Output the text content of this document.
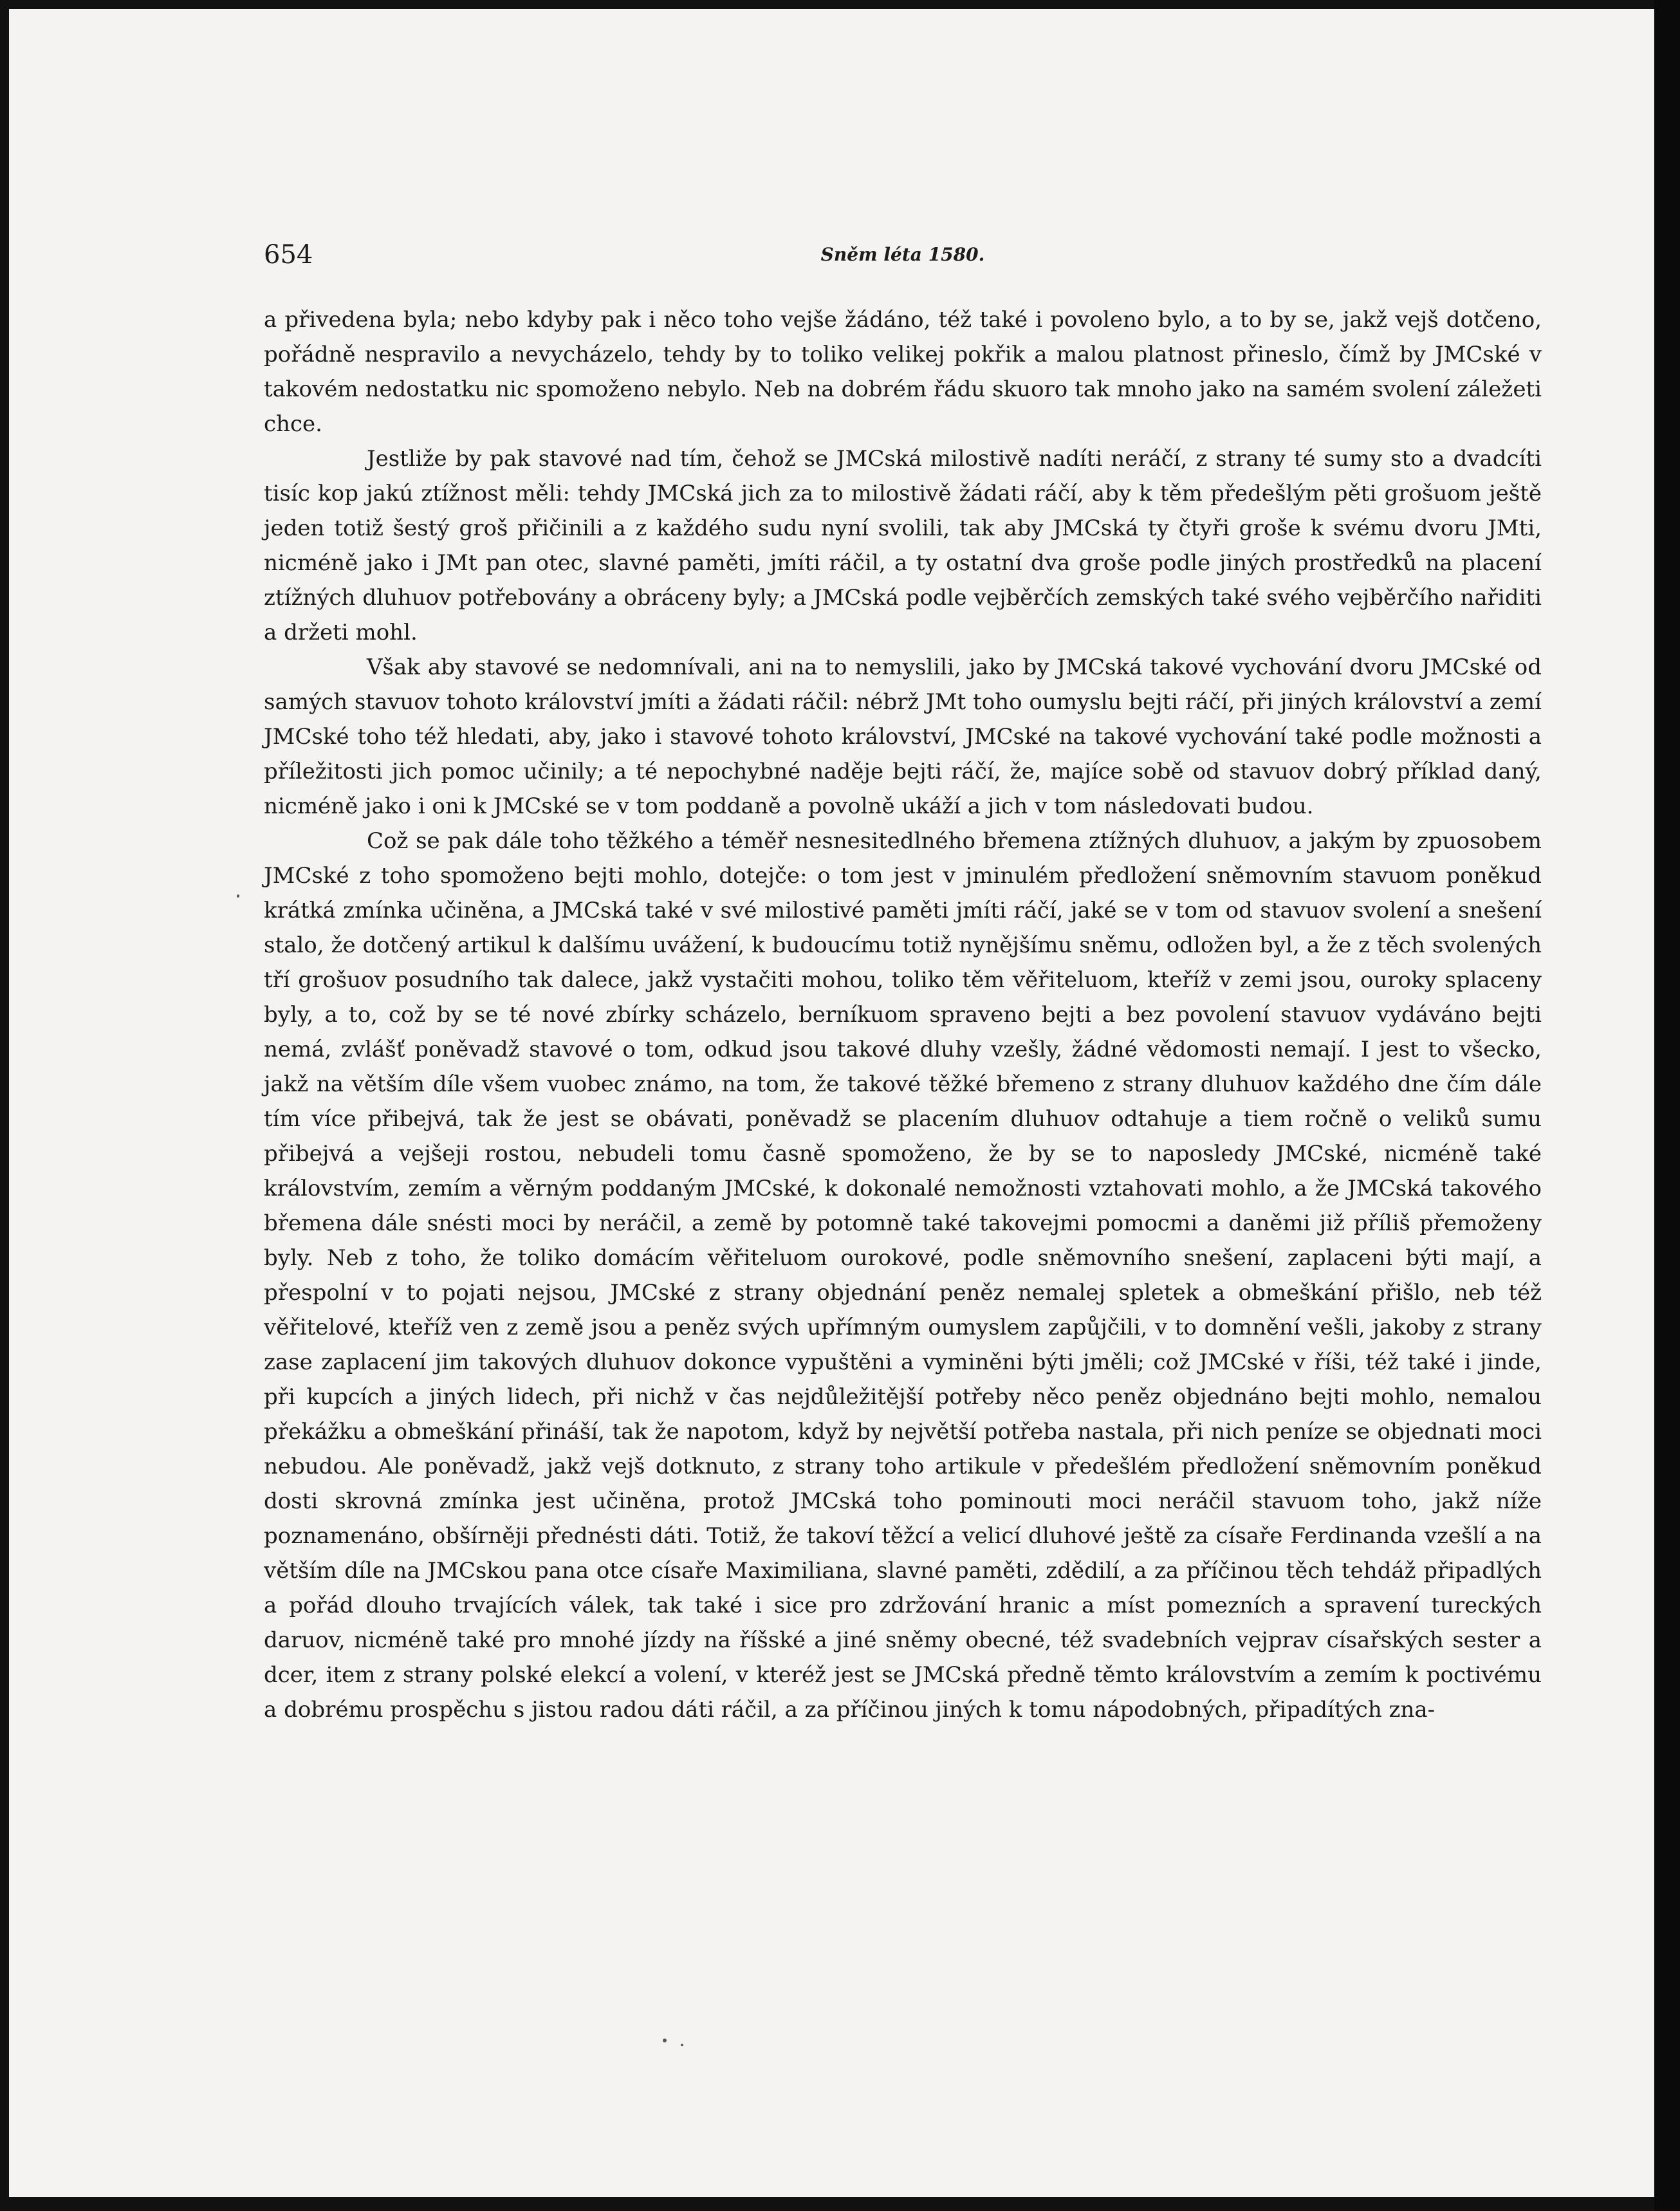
654	Sněm léta 1580.

a přivedena byla; nebo kdyby pak i něco toho vejše žádáno, též také i povoleno bylo, a to by se, jakž vejš dotčeno, pořádně nespravilo a nevycházelo, tehdy by to toliko velikej pokřik a malou platnost přineslo, čímž by JMCské v takovém nedostatku nic spomoženo nebylo. Neb na dobrém řádu skuoro tak mnoho jako na samém svolení záležeti chce.

Jestliže by pak stavové nad tím, čehož se JMCská milostivě nadíti neráčí, z strany té sumy sto a dvadcíti tisíc kop jakú ztížnost měli: tehdy JMCská jich za to milostivě žádati ráčí, aby k těm předešlým pěti grošuom ještě jeden totiž šestý groš přičinili a z každého sudu nyní svolili, tak aby JMCská ty čtyři groše k svému dvoru JMti, nicméně jako i JMt pan otec, slavné paměti, jmíti ráčil, a ty ostatní dva groše podle jiných prostředků na placení ztížných dluhuov potřebovány a obráceny byly; a JMCská podle vejběrčích zemských také svého vejběrčího nařiditi a držeti mohl.

Však aby stavové se nedomnívali, ani na to nemyslili, jako by JMCská takové vychování dvoru JMCské od samých stavuov tohoto království jmíti a žádati ráčil: nébrž JMt toho oumyslu bejti ráčí, při jiných království a zemí JMCské toho též hledati, aby, jako i stavové tohoto království, JMCské na takové vychování také podle možnosti a příležitosti jich pomoc učinily; a té nepochybné naděje bejti ráčí, že, majíce sobě od stavuov dobrý příklad daný, nicméně jako i oni k JMCské se v tom poddaně a povolně ukáží a jich v tom následovati budou.

Což se pak dále toho těžkého a téměř nesnesitedlného břemena ztížných dluhuov, a jakým by zpuosobem JMCské z toho spomoženo bejti mohlo, dotejče: o tom jest v jminulém předložení sněmovním stavuom poněkud krátká zmínka učiněna, a JMCská také v své milostivé paměti jmíti ráčí, jaké se v tom od stavuov svolení a snešení stalo, že dotčený artikul k dalšímu uvážení, k budoucímu totiž nynějšímu sněmu, odložen byl, a že z těch svolených tří grošuov posudního tak dalece, jakž vystačiti mohou, toliko těm věřiteluom, kteříž v zemi jsou, ouroky splaceny byly, a to, což by se té nové zbírky scházelo, berníkuom spraveno bejti a bez povolení stavuov vydáváno bejti nemá, zvlášť poněvadž stavové o tom, odkud jsou takové dluhy vzešly, žádné vědomosti nemají. I jest to všecko, jakž na větším díle všem vuobec známo, na tom, že takové těžké břemeno z strany dluhuov každého dne čím dále tím více přibejvá, tak že jest se obávati, poněvadž se placením dluhuov odtahuje a tiem ročně o veliků sumu přibejvá a vejšeji rostou, nebudeli tomu časně spomoženo, že by se to naposledy JMCské, nicméně také královstvím, zemím a věrným poddaným JMCské, k dokonalé nemožnosti vztahovati mohlo, a že JMCská takového břemena dále snésti moci by neráčil, a země by potomně také takovejmi pomocmi a daněmi již příliš přemoženy byly. Neb z toho, že toliko domácím věřiteluom ourokové, podle sněmovního snešení, zaplaceni býti mají, a přespolní v to pojati nejsou, JMCské z strany objednání peněz nemalej spletek a obmeškání přišlo, neb též věřitelové, kteříž ven z země jsou a peněz svých upřímným oumyslem zapůjčili, v to domnění vešli, jakoby z strany zase zaplacení jim takových dluhuov dokonce vypuštěni a vyminěni býti jměli; což JMCské v říši, též také i jinde, při kupcích a jiných lidech, při nichž v čas nejdůležitější potřeby něco peněz objednáno bejti mohlo, nemalou překážku a obmeškání přináší, tak že napotom, když by největší potřeba nastala, při nich peníze se objednati moci nebudou. Ale poněvadž, jakž vejš dotknuto, z strany toho artikule v předešlém předložení sněmovním poněkud dosti skrovná zmínka jest učiněna, protož JMCská toho pominouti moci neráčil stavuom toho, jakž níže poznamenáno, obšírněji přednésti dáti. Totiž, že takoví těžcí a velicí dluhové ještě za císaře Ferdinanda vzešlí a na větším díle na JMCskou pana otce císaře Maximiliana, slavné paměti, zdědilí, a za příčinou těch tehdáž připadlých a pořád dlouho trvajících válek, tak také i sice pro zdržování hranic a míst pomezních a spravení tureckých daruov, nicméně také pro mnohé jízdy na říšské a jiné sněmy obecné, též svadebních vejprav císařských sester a dcer, item z strany polské elekcí a volení, v kteréž jest se JMCská předně těmto královstvím a zemím k poctivému a dobrému prospěchu s jistou radou dáti ráčil, a za příčinou jiných k tomu nápodobných, připadítých zna-
